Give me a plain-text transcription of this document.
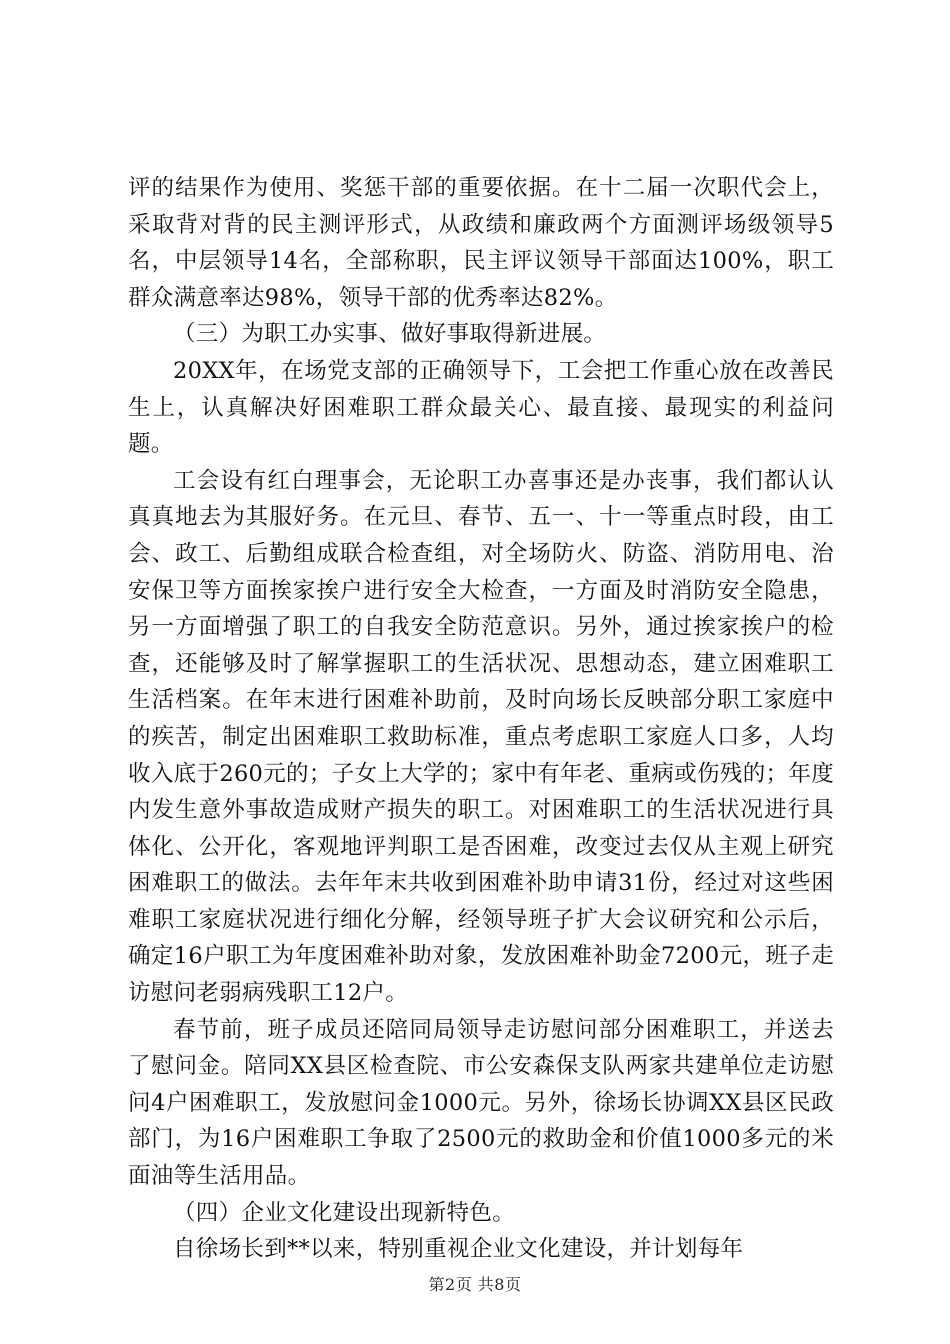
评的结果作为使用、奖惩干部的重要依据。在十二届一次职代会上，采取背对背的民主测评形式，从政绩和廉政两个方面测评场级领导5名，中层领导14名，全部称职，民主评议领导干部面达100%，职工群众满意率达98%，领导干部的优秀率达82%。

（三）为职工办实事、做好事取得新进展。

20XX年，在场党支部的正确领导下，工会把工作重心放在改善民生上，认真解决好困难职工群众最关心、最直接、最现实的利益问题。

工会设有红白理事会，无论职工办喜事还是办丧事，我们都认认真真地去为其服好务。在元旦、春节、五一、十一等重点时段，由工会、政工、后勤组成联合检查组，对全场防火、防盗、消防用电、治安保卫等方面挨家挨户进行安全大检查，一方面及时消防安全隐患，另一方面增强了职工的自我安全防范意识。另外，通过挨家挨户的检查，还能够及时了解掌握职工的生活状况、思想动态，建立困难职工生活档案。在年末进行困难补助前，及时向场长反映部分职工家庭中的疾苦，制定出困难职工救助标准，重点考虑职工家庭人口多，人均收入底于260元的；子女上大学的；家中有年老、重病或伤残的；年度内发生意外事故造成财产损失的职工。对困难职工的生活状况进行具体化、公开化，客观地评判职工是否困难，改变过去仅从主观上研究困难职工的做法。去年年末共收到困难补助申请31份，经过对这些困难职工家庭状况进行细化分解，经领导班子扩大会议研究和公示后，确定16户职工为年度困难补助对象，发放困难补助金7200元，班子走访慰问老弱病残职工12户。

春节前，班子成员还陪同局领导走访慰问部分困难职工，并送去了慰问金。陪同XX县区检查院、市公安森保支队两家共建单位走访慰问4户困难职工，发放慰问金1000元。另外，徐场长协调XX县区民政部门，为16户困难职工争取了2500元的救助金和价值1000多元的米面油等生活用品。

（四）企业文化建设出现新特色。

自徐场长到**以来，特别重视企业文化建设，并计划每年

第2页 共8页
